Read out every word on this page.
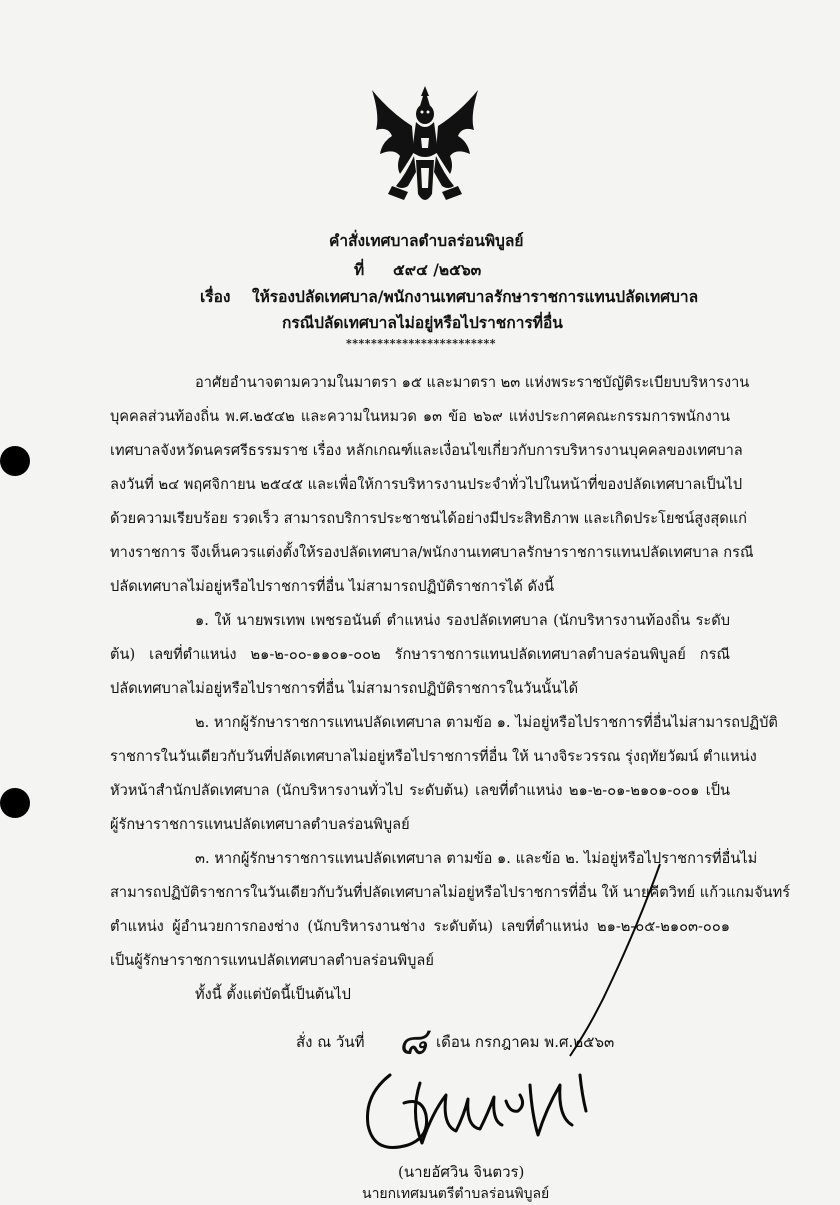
คำสั่งเทศบาลตำบลร่อนพิบูลย์
ที่ ๕๙๔ /๒๕๖๓
เรื่อง ให้รองปลัดเทศบาล/พนักงานเทศบาลรักษาราชการแทนปลัดเทศบาล
กรณีปลัดเทศบาลไม่อยู่หรือไปราชการที่อื่น
************************
อาศัยอำนาจตามความในมาตรา ๑๕ และมาตรา ๒๓ แห่งพระราชบัญัติระเบียบบริหารงาน
บุคคลส่วนท้องถิ่น พ.ศ.๒๕๔๒ และความในหมวด ๑๓ ข้อ ๒๖๙ แห่งประกาศคณะกรรมการพนักงาน
เทศบาลจังหวัดนครศรีธรรมราช เรื่อง หลักเกณฑ์และเงื่อนไขเกี่ยวกับการบริหารงานบุคคลของเทศบาล
ลงวันที่ ๒๔ พฤศจิกายน ๒๕๔๕ และเพื่อให้การบริหารงานประจำทั่วไปในหน้าที่ของปลัดเทศบาลเป็นไป
ด้วยความเรียบร้อย รวดเร็ว สามารถบริการประชาชนได้อย่างมีประสิทธิภาพ และเกิดประโยชน์สูงสุดแก่
ทางราชการ จึงเห็นควรแต่งตั้งให้รองปลัดเทศบาล/พนักงานเทศบาลรักษาราชการแทนปลัดเทศบาล กรณี
ปลัดเทศบาลไม่อยู่หรือไปราชการที่อื่น ไม่สามารถปฏิบัติราชการได้ ดังนี้
๑. ให้ นายพรเทพ เพชรอนันต์ ตำแหน่ง รองปลัดเทศบาล (นักบริหารงานท้องถิ่น ระดับ
ต้น) เลขที่ตำแหน่ง ๒๑-๒-๐๐-๑๑๐๑-๐๐๒ รักษาราชการแทนปลัดเทศบาลตำบลร่อนพิบูลย์ กรณี
ปลัดเทศบาลไม่อยู่หรือไปราชการที่อื่น ไม่สามารถปฏิบัติราชการในวันนั้นได้
๒. หากผู้รักษาราชการแทนปลัดเทศบาล ตามข้อ ๑. ไม่อยู่หรือไปราชการที่อื่นไม่สามารถปฏิบัติ
ราชการในวันเดียวกับวันที่ปลัดเทศบาลไม่อยู่หรือไปราชการที่อื่น ให้ นางจิระวรรณ รุ่งฤทัยวัฒน์ ตำแหน่ง
หัวหน้าสำนักปลัดเทศบาล (นักบริหารงานทั่วไป ระดับต้น) เลขที่ตำแหน่ง ๒๑-๒-๐๑-๒๑๐๑-๐๐๑ เป็น
ผู้รักษาราชการแทนปลัดเทศบาลตำบลร่อนพิบูลย์
๓. หากผู้รักษาราชการแทนปลัดเทศบาล ตามข้อ ๑. และข้อ ๒. ไม่อยู่หรือไปราชการที่อื่นไม่
สามารถปฏิบัติราชการในวันเดียวกับวันที่ปลัดเทศบาลไม่อยู่หรือไปราชการที่อื่น ให้ นายคีตวิทย์ แก้วแกมจันทร์
ตำแหน่ง ผู้อำนวยการกองช่าง (นักบริหารงานช่าง ระดับต้น) เลขที่ตำแหน่ง ๒๑-๒-๐๕-๒๑๐๓-๐๐๑
เป็นผู้รักษาราชการแทนปลัดเทศบาลตำบลร่อนพิบูลย์
ทั้งนี้ ตั้งแต่บัดนี้เป็นต้นไป
สั่ง ณ วันที่ ๘ เดือน กรกฎาคม พ.ศ.๒๕๖๓
(นายอัศวิน จินตวร)
นายกเทศมนตรีตำบลร่อนพิบูลย์
